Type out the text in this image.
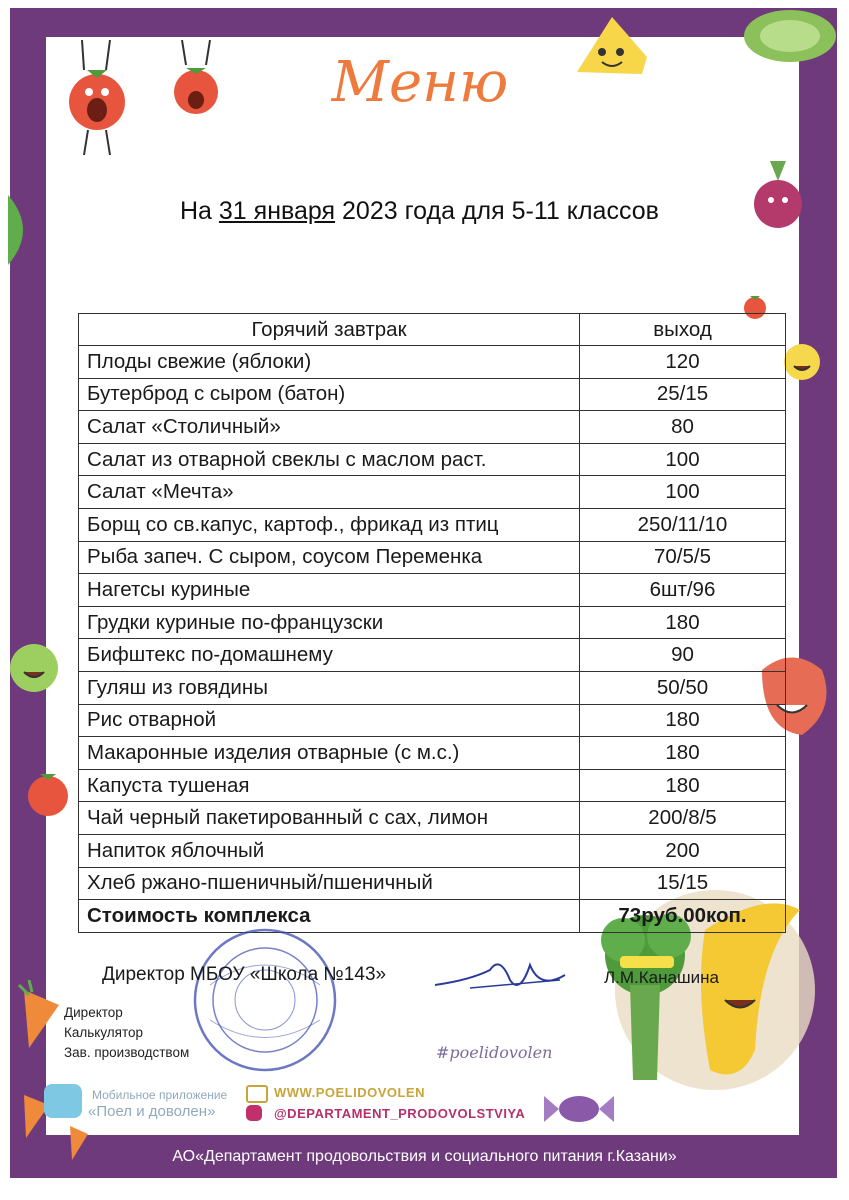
Меню
На 31 января 2023 года для 5-11 классов
Горячий завтрак	выход
Плоды свежие (яблоки)	120
Бутерброд с сыром (батон)	25/15
Салат «Столичный»	80
Салат из отварной свеклы с маслом раст.	100
Салат «Мечта»	100
Борщ со св.капус, картоф., фрикад из птиц	250/11/10
Рыба запеч. С сыром, соусом Переменка	70/5/5
Нагетсы куриные	6шт/96
Грудки куриные по-французски	180
Бифштекс по-домашнему	90
Гуляш из говядины	50/50
Рис отварной	180
Макаронные изделия отварные (с м.с.)	180
Капуста тушеная	180
Чай черный пакетированный с сах, лимон	200/8/5
Напиток яблочный	200
Хлеб ржано-пшеничный/пшеничный	15/15
Стоимость комплекса	73руб.00коп.
Директор МБОУ «Школа №143»	Л.М.Канашина
Директор
Калькулятор
Зав. производством	#poelidovolen
Мобильное приложение
«Поел и доволен»
WWW.POELIDOVOLEN
@DEPARTAMENT_PRODOVOLSTVIYA
АО«Департамент продовольствия и социального питания г.Казани»
